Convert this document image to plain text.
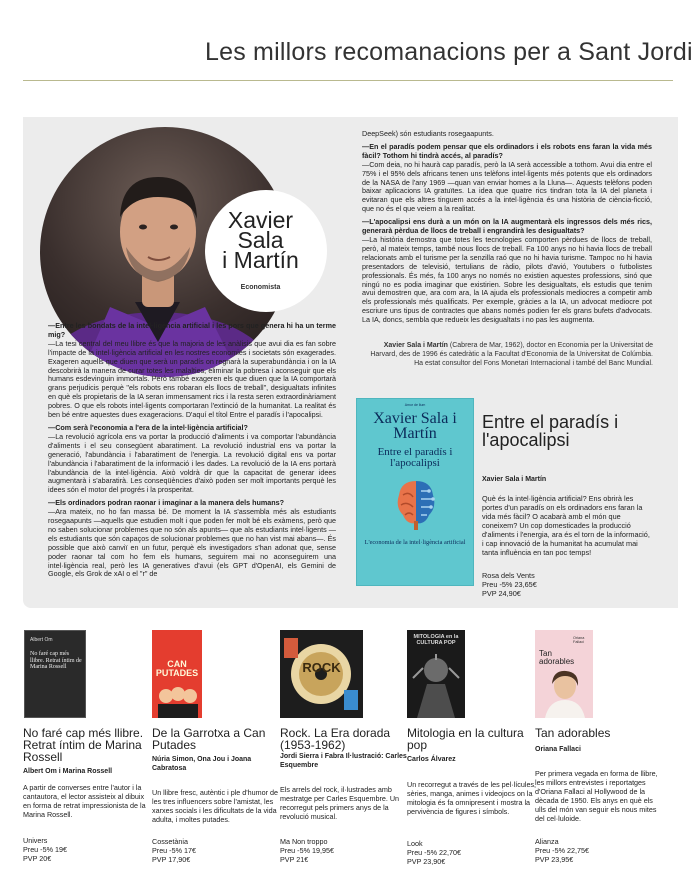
Les millors recomanacions per a Sant Jordi
Xavier
Sala
i Martín
Economista

—Entre les bondats de la intel·ligència artificial i les pors que genera hi ha un terme mig?
—La tesi central del meu llibre és que la majoria de les anàlisis que avui dia es fan sobre l'impacte de la intel·ligència artificial en les nostres economies i societats són exagerades. Exageren aquells que diuen que serà un paradís on regnarà la superabundància i on la IA descobrirà la manera de curar totes les malalties, eliminar la pobresa i aconseguir que els humans esdevinguin immortals. Però també exageren els que diuen que la IA comportarà grans perjudicis perquè "els robots ens robaran els llocs de treball", desigualtats infinites en què els propietaris de la IA seran immensament rics i la resta seren extraordinàriament pobres. O que els robots intel·ligents comportaran l'extinció de la humanitat. La realitat és ben bé entre aquestes dues exageracions. D'aquí el títol Entre el paradís i l'apocalipsi.

—Com serà l'economia a l'era de la intel·ligència artificial?
—La revolució agrícola ens va portar la producció d'aliments i va comportar l'abundància d'aliments i el seu consegüent abaratiment. La revolució industrial ens va portar la generació, l'abundància i l'abaratiment de l'energia. La revolució digital ens va portar l'abundància i l'abaratiment de la informació i les dades. La revolució de la IA ens portarà l'abundància de la intel·ligència. Això voldrà dir que la capacitat de generar idees augmentarà i s'abaratirà. Les conseqüències d'això poden ser molt importants perquè les idees són el motor del progrés i la prosperitat.

—Els ordinadors podran raonar i imaginar a la manera dels humans?
—Ara mateix, no ho fan massa bé. De moment la IA s'assembla més als estudiants rosegaapunts —aquells que estudien molt i que poden fer molt bé els exàmens, però que no saben solucionar problemes que no són als apunts— que als estudiants intel·ligents —els estudiants que són capaços de solucionar problemes que no han vist mai abans—. És possible que això canviï en un futur, perquè els investigadors s'han adonat que, sense poder raonar tal com ho fem els humans, seguirem mai no aconseguirem una intel·ligència real, però les IA generatives d'avui (els GPT d'OpenAI, els Gemini de Google, els Grok de xAI o el "r" de

DeepSeek) són estudiants rosegaapunts.

—En el paradís podem pensar que els ordinadors i els robots ens faran la vida més fàcil? Tothom hi tindrà accés, al paradís?
—Com deia, no hi haurà cap paradís, però la IA serà accessible a tothom. Avui dia entre el 75% i el 95% dels africans tenen uns telèfons intel·ligents més potents que els ordinadors de la NASA de l'any 1969 —quan van enviar homes a la Lluna—. Aquests telèfons poden baixar aplicacions IA gratuïtes. La idea que quatre rics tindran tota la IA del planeta i evitaran que els altres tinguem accés a la intel·ligència és una història de ciència-ficció, que no és el que veiem a la realitat.

—L'apocalipsi ens durà a un món on la IA augmentarà els ingressos dels més rics, generarà pèrdua de llocs de treball i engrandirà les desigualtats?
—La història demostra que totes les tecnologies comporten pèrdues de llocs de treball, però, al mateix temps, també nous llocs de treball. Fa 100 anys no hi havia llocs de treball relacionats amb el turisme per la senzilla raó que no hi havia turisme. Tampoc no hi havia presentadors de televisió, tertulians de ràdio, pilots d'avió, Youtubers o futbolistes professionals. És més, fa 100 anys no només no existien aquestes professions, sinó que ningú no es podia imaginar que existirien. Sobre les desigualtats, els estudis que tenim avui demostren que, ara com ara, la IA ajuda els professionals mediocres a competir amb els professionals més qualificats. Per exemple, gràcies a la IA, un advocat mediocre pot escriure uns tipus de contractes que abans només podien fer els grans bufets d'advocats. La IA, doncs, sembla que redueix les desigualtats i no pas les augmenta.

Xavier Sala i Martín (Cabrera de Mar, 1962), doctor en Economia per la Universitat de Harvard, des de 1996 és catedràtic a la Facultat d'Economia de la Universitat de Colúmbia. Ha estat consultor del Fons Monetari Internacional i també del Banc Mundial.
Amor de llum
Xavier Sala i Martín
Entre el paradís i l'apocalipsi
L'economia de la intel·ligència artificial
Entre el paradís i l'apocalipsi
Xavier Sala i Martín
Què és la intel·ligència artificial? Ens obrirà les portes d'un paradís on els ordinadors ens faran la vida més fàcil? O acabarà amb el món que coneixem? Un cop domesticades la producció d'aliments i l'energia, ara és el torn de la informació, i cap innovació de la humanitat ha acumulat mai tanta influència en tan poc temps!
Rosa dels Vents
Preu -5% 23,65€
PVP 24,90€
Albert Om
No faré cap més llibre. Retrat íntim de Marina Rossell
No faré cap més llibre. Retrat íntim de Marina Rossell
Albert Om i Marina Rossell
A partir de converses entre l'autor i la cantautora, el lector assisteix al dibuix en forma de retrat impressionista de la Marina Rossell.
Univers
Preu -5% 19€
PVP 20€
CAN PUTADES
De la Garrotxa a Can Putades
Núria Simon, Ona Jou i Joana Cabratosa
Un llibre fresc, autèntic i ple d'humor de les tres influencers sobre l'amistat, les xarxes socials i les dificultats de la vida adulta, i moltes putades.
Cossetània
Preu -5% 17€
PVP 17,90€
ROCK
Rock. La Era dorada (1953-1962)
Jordi Sierra i Fabra Il·lustració: Carles Esquembre
Els arrels del rock, il·lustrades amb mestratge per Carles Esquembre. Un recorregut pels primers anys de la revolució musical.
Ma Non troppo
Preu -5% 19,95€
PVP 21€
MITOLOGIA en la CULTURA POP
Mitologia en la cultura pop
Carlos Álvarez
Un recorregut a través de les pel·lícules, sèries, manga, animes i videojocs on la mitologia és fa omnipresent i mostra la pervivència de figures i símbols.
Look
Preu -5% 22,70€
PVP 23,90€
Oriana Fallaci
Tan adorables
Tan adorables
Oriana Fallaci
Per primera vegada en forma de llibre, les millors entrevistes i reportatges d'Oriana Fallaci al Hollywood de la dècada de 1950. Els anys en què els ulls del món van seguir els nous mites del cel·luloide.
Alianza
Preu -5% 22,75€
PVP 23,95€
